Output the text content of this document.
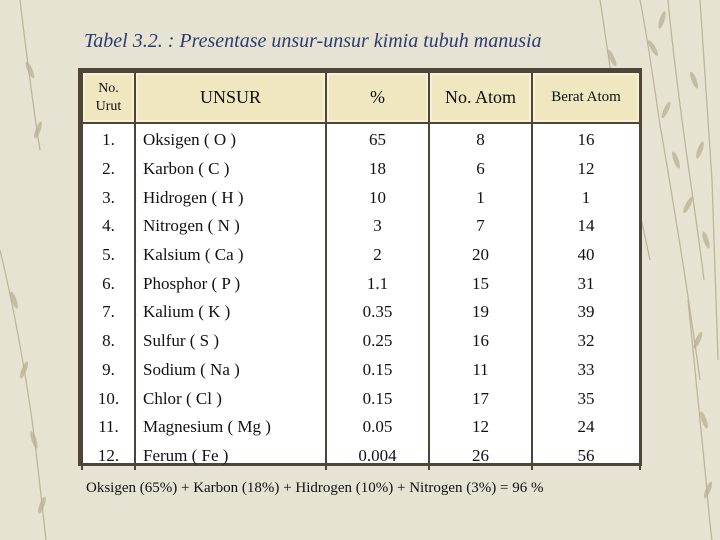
Tabel 3.2. : Presentase unsur-unsur kimia tubuh manusia
No.
Urut	UNSUR	%	No. Atom	Berat Atom
1.	Oksigen ( O )	65	8	16
2.	Karbon ( C )	18	6	12
3.	Hidrogen ( H )	10	1	1
4.	Nitrogen ( N )	3	7	14
5.	Kalsium ( Ca )	2	20	40
6.	Phosphor ( P )	1.1	15	31
7.	Kalium ( K )	0.35	19	39
8.	Sulfur ( S )	0.25	16	32
9.	Sodium ( Na )	0.15	11	33
10.	Chlor ( Cl )	0.15	17	35
11.	Magnesium ( Mg )	0.05	12	24
12.	Ferum ( Fe )	0.004	26	56

Oksigen (65%) + Karbon (18%) + Hidrogen (10%) + Nitrogen (3%) = 96 %
